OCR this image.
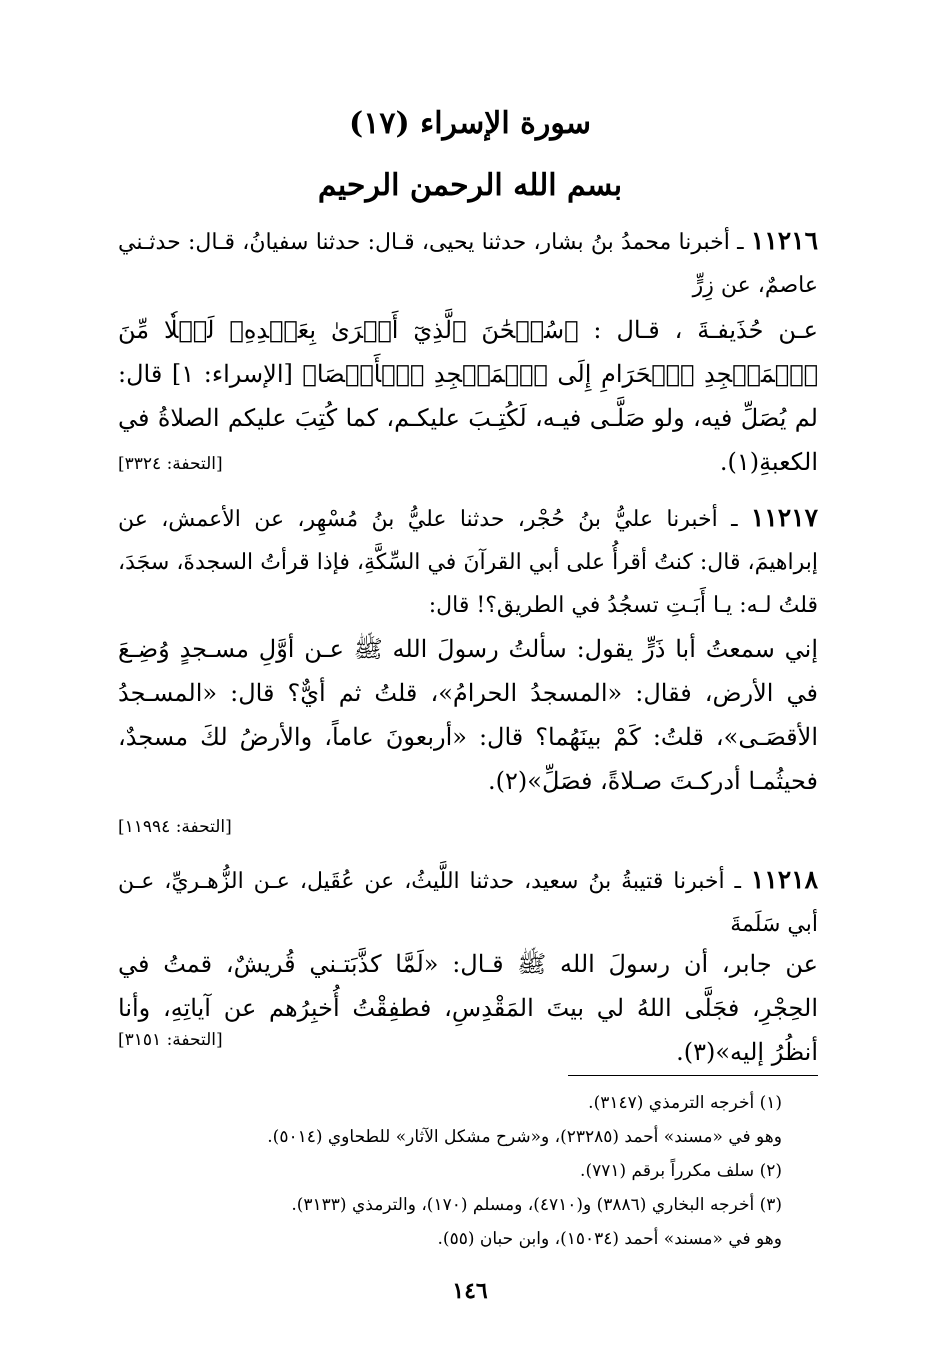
سورة الإسراء (١٧)
بسم الله الرحمن الرحيم
١١٢١٦ ـ أخبرنا محمدُ بنُ بشار، حدثنا يحيى، قـال: حدثنا سفيانُ، قـال: حدثـني عاصمٌ، عن زِرٍّ
عـن حُذَيفـةَ ، قـال : ﴿سُبۡحَٰنَ ٱلَّذِيٓ أَسۡرَىٰ بِعَبۡدِهِۦ لَيۡلٗا مِّنَ ٱلۡمَسۡجِدِ ٱلۡحَرَامِ إِلَى ٱلۡمَسۡجِدِ ٱلۡأَقۡصَا﴾ [الإسراء: ١] قال: لم يُصَلِّ فيه، ولو صَلَّـى فيـه، لَكُتِـبَ عليكـم، كما كُتِبَ عليكم الصلاةُ في الكعبةِ(١).
[التحفة: ٣٣٢٤]
١١٢١٧ ـ أخبرنا عليُّ بنُ حُجْر، حدثنا عليُّ بنُ مُسْهِر، عن الأعمش، عن إبراهيمَ، قال: كنتُ أقرأُ على أبي القرآنَ في السِّكَّةِ، فإذا قرأتُ السجدةَ، سجَدَ، قلتُ لـه: يـا أَبَـتِ تسجُدُ في الطريق؟! قال:
إني سمعتُ أبا ذَرٍّ يقول: سألتُ رسولَ الله ﷺ عـن أوَّلِ مسـجدٍ وُضِـعَ في الأرض، فقال: «المسجدُ الحرامُ»، قلتُ ثم أيٌّ؟ قال: «المسـجدُ الأقصَـى»، قلتُ: كَمْ بينَهُما؟ قال: «أربعونَ عاماً، والأرضُ لكَ مسجدٌ، فحيثُمـا أدركـتَ صـلاةً، فصَلِّ»(٢).
[التحفة: ١١٩٩٤]
١١٢١٨ ـ أخبرنا قتيبةُ بنُ سعيد، حدثنا اللَّيثُ، عن عُقَيل، عـن الزُّهـريِّ، عـن أبي سَلَمةَ
عن جابر، أن رسولَ الله ﷺ قـال: «لَمَّا كذَّبَتـني قُريشٌ، قمتُ في الحِجْرِ، فجَلَّى اللهُ لي بيتَ المَقْدِسِ، فطفِقْتُ أُخبِرُهم عن آياتِهِ، وأنا أنظُرُ إليه»(٣).
[التحفة: ٣١٥١]
(١) أخرجه الترمذي (٣١٤٧).
وهو في «مسند» أحمد (٢٣٢٨٥)، و«شرح مشكل الآثار» للطحاوي (٥٠١٤).
(٢) سلف مكرراً برقم (٧٧١).
(٣) أخرجه البخاري (٣٨٨٦) و(٤٧١٠)، ومسلم (١٧٠)، والترمذي (٣١٣٣).
وهو في «مسند» أحمد (١٥٠٣٤)، وابن حبان (٥٥).
١٤٦
